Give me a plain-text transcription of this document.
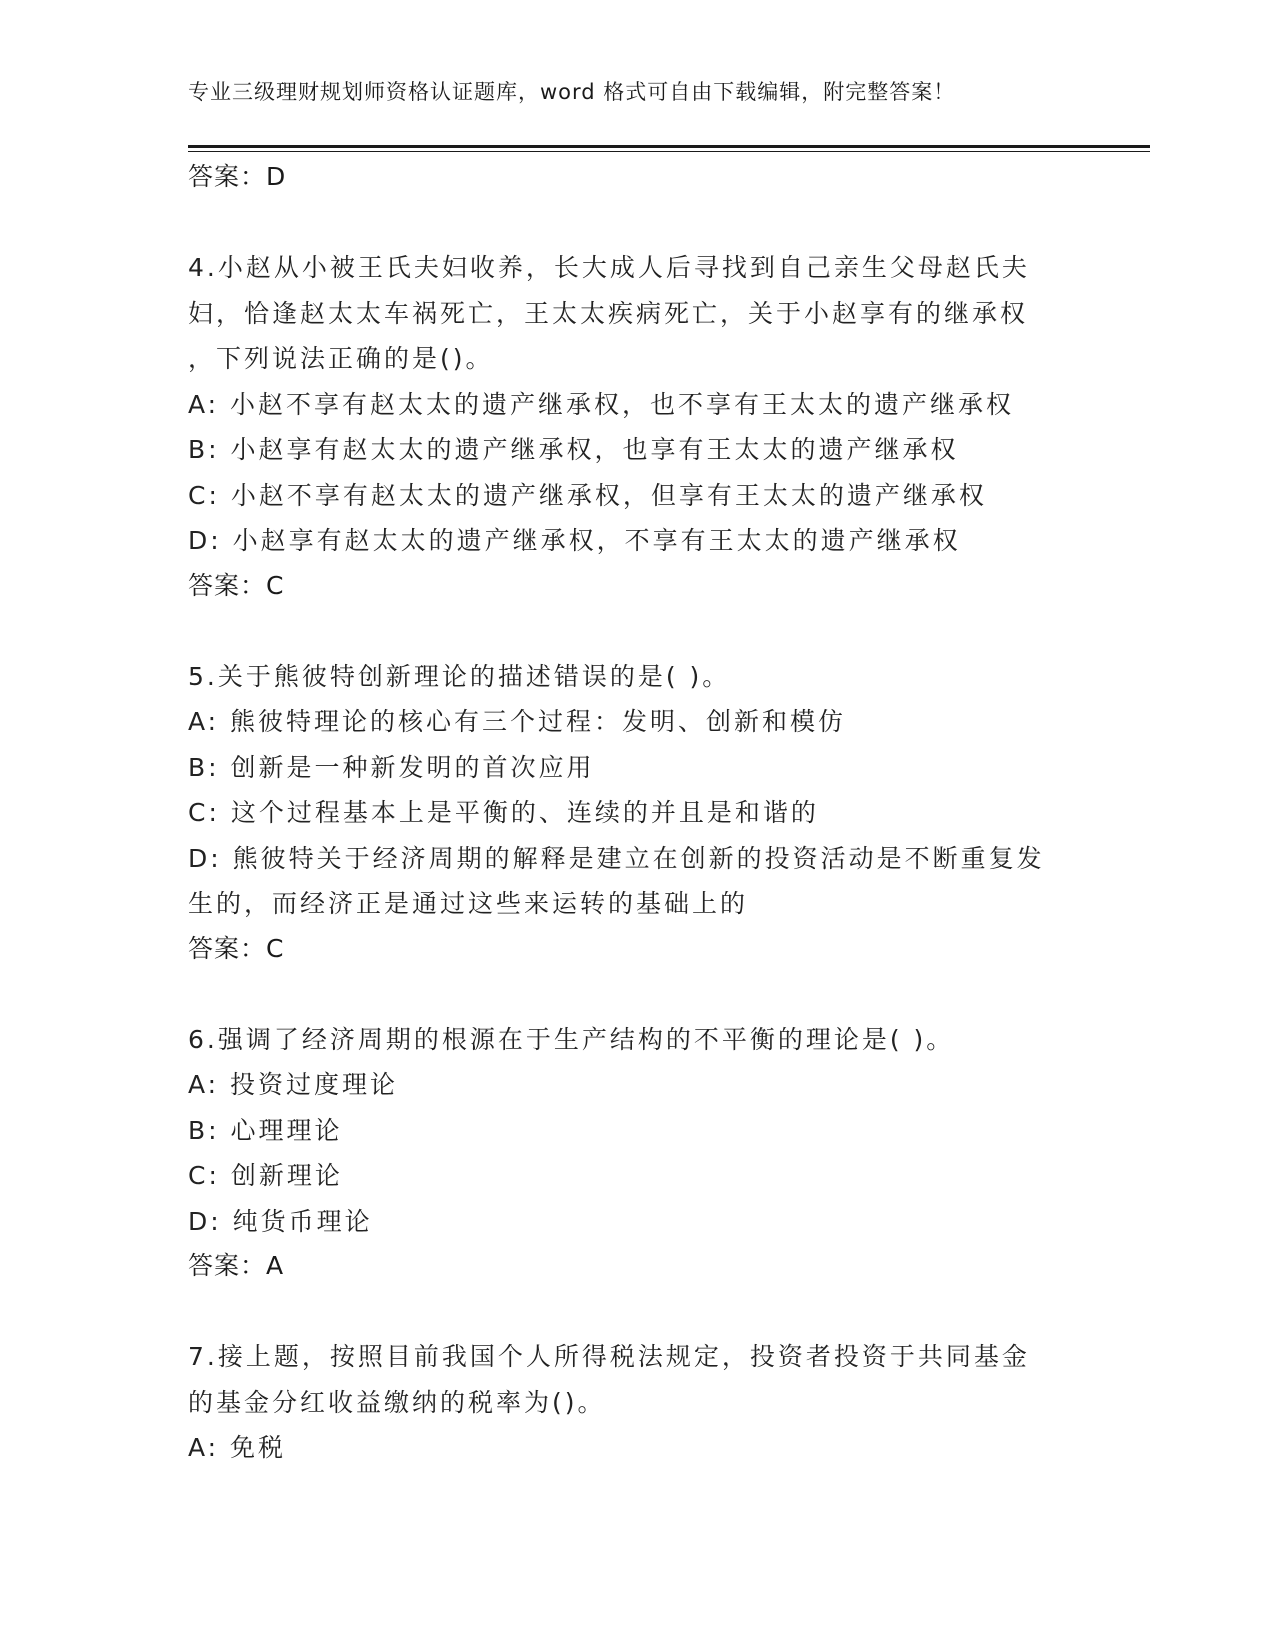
专业三级理财规划师资格认证题库，word 格式可自由下载编辑，附完整答案！
答案：D
4.小赵从小被王氏夫妇收养，长大成人后寻找到自己亲生父母赵氏夫
妇，恰逢赵太太车祸死亡，王太太疾病死亡，关于小赵享有的继承权
，下列说法正确的是()。
A: 小赵不享有赵太太的遗产继承权，也不享有王太太的遗产继承权
B: 小赵享有赵太太的遗产继承权，也享有王太太的遗产继承权
C: 小赵不享有赵太太的遗产继承权，但享有王太太的遗产继承权
D: 小赵享有赵太太的遗产继承权，不享有王太太的遗产继承权
答案：C
5.关于熊彼特创新理论的描述错误的是( )。
A: 熊彼特理论的核心有三个过程：发明、创新和模仿
B: 创新是一种新发明的首次应用
C: 这个过程基本上是平衡的、连续的并且是和谐的
D: 熊彼特关于经济周期的解释是建立在创新的投资活动是不断重复发
生的，而经济正是通过这些来运转的基础上的
答案：C
6.强调了经济周期的根源在于生产结构的不平衡的理论是( )。
A: 投资过度理论
B: 心理理论
C: 创新理论
D: 纯货币理论
答案：A
7.接上题，按照目前我国个人所得税法规定，投资者投资于共同基金
的基金分红收益缴纳的税率为()。
A: 免税
